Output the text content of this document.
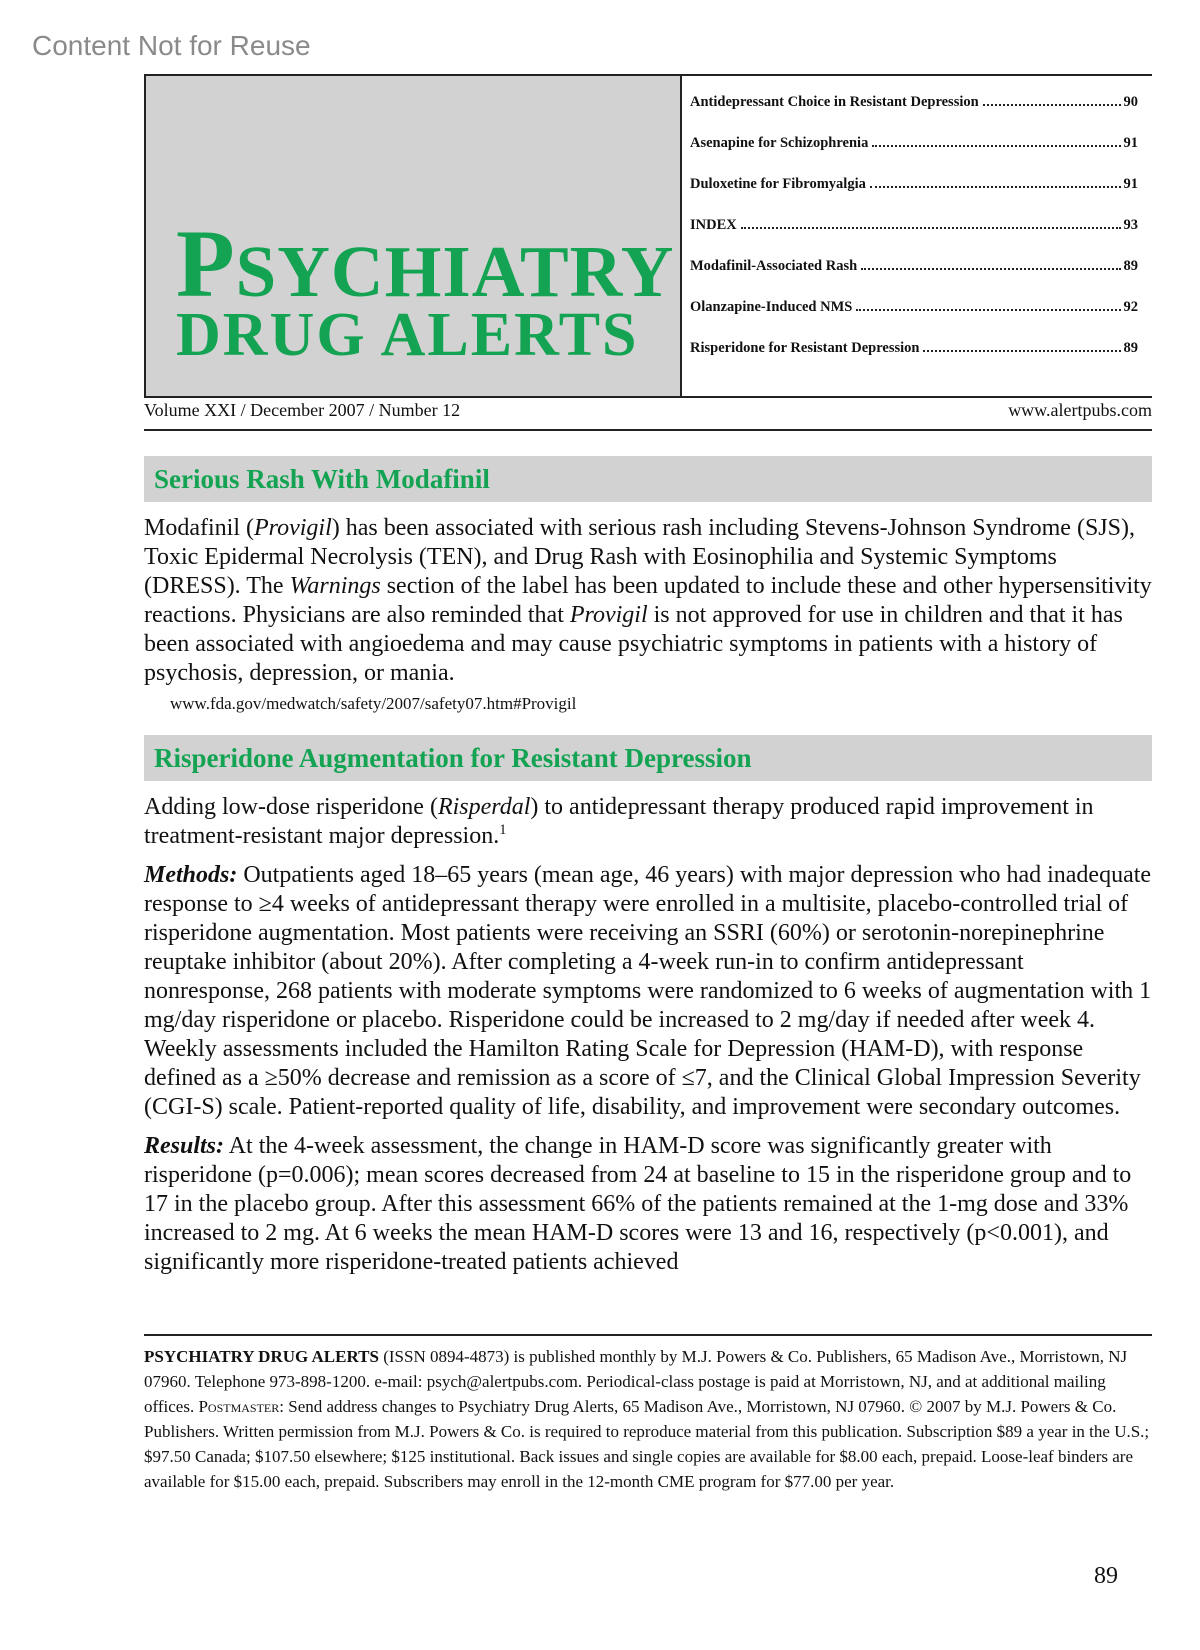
Content Not for Reuse
PSYCHIATRY
DRUG ALERTS
Antidepressant Choice in Resistant Depression	90
Asenapine for Schizophrenia	91
Duloxetine for Fibromyalgia	91
INDEX	93
Modafinil-Associated Rash	89
Olanzapine-Induced NMS	92
Risperidone for Resistant Depression	89
Volume XXI / December 2007 / Number 12	www.alertpubs.com
Serious Rash With Modafinil

Modafinil (Provigil) has been associated with serious rash including Stevens-Johnson Syndrome (SJS), Toxic Epidermal Necrolysis (TEN), and Drug Rash with Eosinophilia and Systemic Symptoms (DRESS). The Warnings section of the label has been updated to include these and other hypersensitivity reactions. Physicians are also reminded that Provigil is not approved for use in children and that it has been associated with angioedema and may cause psychiatric symptoms in patients with a history of psychosis, depression, or mania.

www.fda.gov/medwatch/safety/2007/safety07.htm#Provigil
Risperidone Augmentation for Resistant Depression

Adding low-dose risperidone (Risperdal) to antidepressant therapy produced rapid improvement in treatment-resistant major depression.$^1$

Methods: Outpatients aged 18–65 years (mean age, 46 years) with major depression who had inadequate response to ≥4 weeks of antidepressant therapy were enrolled in a multisite, placebo-controlled trial of risperidone augmentation. Most patients were receiving an SSRI (60%) or serotonin-norepinephrine reuptake inhibitor (about 20%). After completing a 4-week run-in to confirm antidepressant nonresponse, 268 patients with moderate symptoms were randomized to 6 weeks of augmentation with 1 mg/day risperidone or placebo. Risperidone could be increased to 2 mg/day if needed after week 4. Weekly assessments included the Hamilton Rating Scale for Depression (HAM-D), with response defined as a ≥50% decrease and remission as a score of ≤7, and the Clinical Global Impression Severity (CGI-S) scale. Patient-reported quality of life, disability, and improvement were secondary outcomes.

Results: At the 4-week assessment, the change in HAM-D score was significantly greater with risperidone (p=0.006); mean scores decreased from 24 at baseline to 15 in the risperidone group and to 17 in the placebo group. After this assessment 66% of the patients remained at the 1-mg dose and 33% increased to 2 mg. At 6 weeks the mean HAM-D scores were 13 and 16, respectively (p<0.001), and significantly more risperidone-treated patients achieved

PSYCHIATRY DRUG ALERTS (ISSN 0894-4873) is published monthly by M.J. Powers & Co. Publishers, 65 Madison Ave., Morristown, NJ 07960. Telephone 973-898-1200. e-mail: psych@alertpubs.com. Periodical-class postage is paid at Morristown, NJ, and at additional mailing offices. Postmaster: Send address changes to Psychiatry Drug Alerts, 65 Madison Ave., Morristown, NJ 07960. © 2007 by M.J. Powers & Co. Publishers. Written permission from M.J. Powers & Co. is required to reproduce material from this publication. Subscription $89 a year in the U.S.; $97.50 Canada; $107.50 elsewhere; $125 institutional. Back issues and single copies are available for $8.00 each, prepaid. Loose-leaf binders are available for $15.00 each, prepaid. Subscribers may enroll in the 12-month CME program for $77.00 per year.
89
